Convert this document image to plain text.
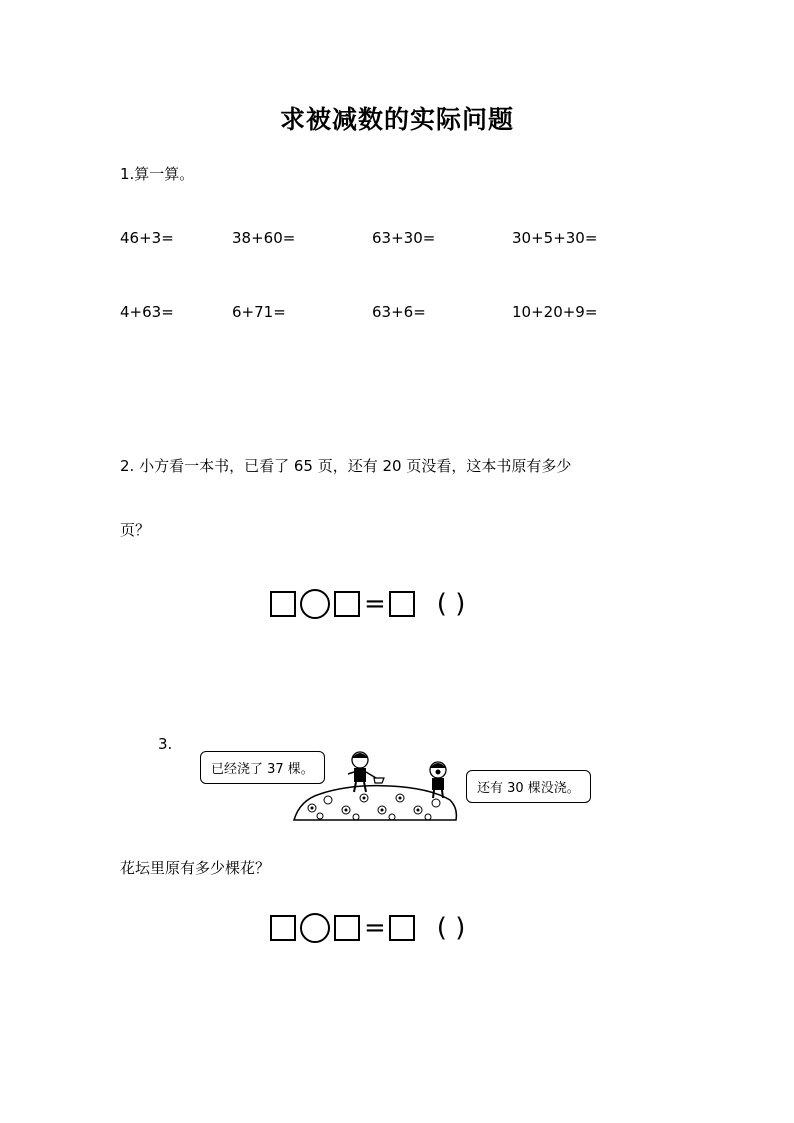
求被减数的实际问题
1.算一算。
46+3=	38+60=	63+30=	30+5+30=
4+63=	6+71=	63+6=	10+20+9=
2. 小方看一本书，已看了 65 页，还有 20 页没看，这本书原有多少
页？
= ( )
3.
已经浇了 37 棵。
还有 30 棵没浇。
花坛里原有多少棵花？
= ( )
